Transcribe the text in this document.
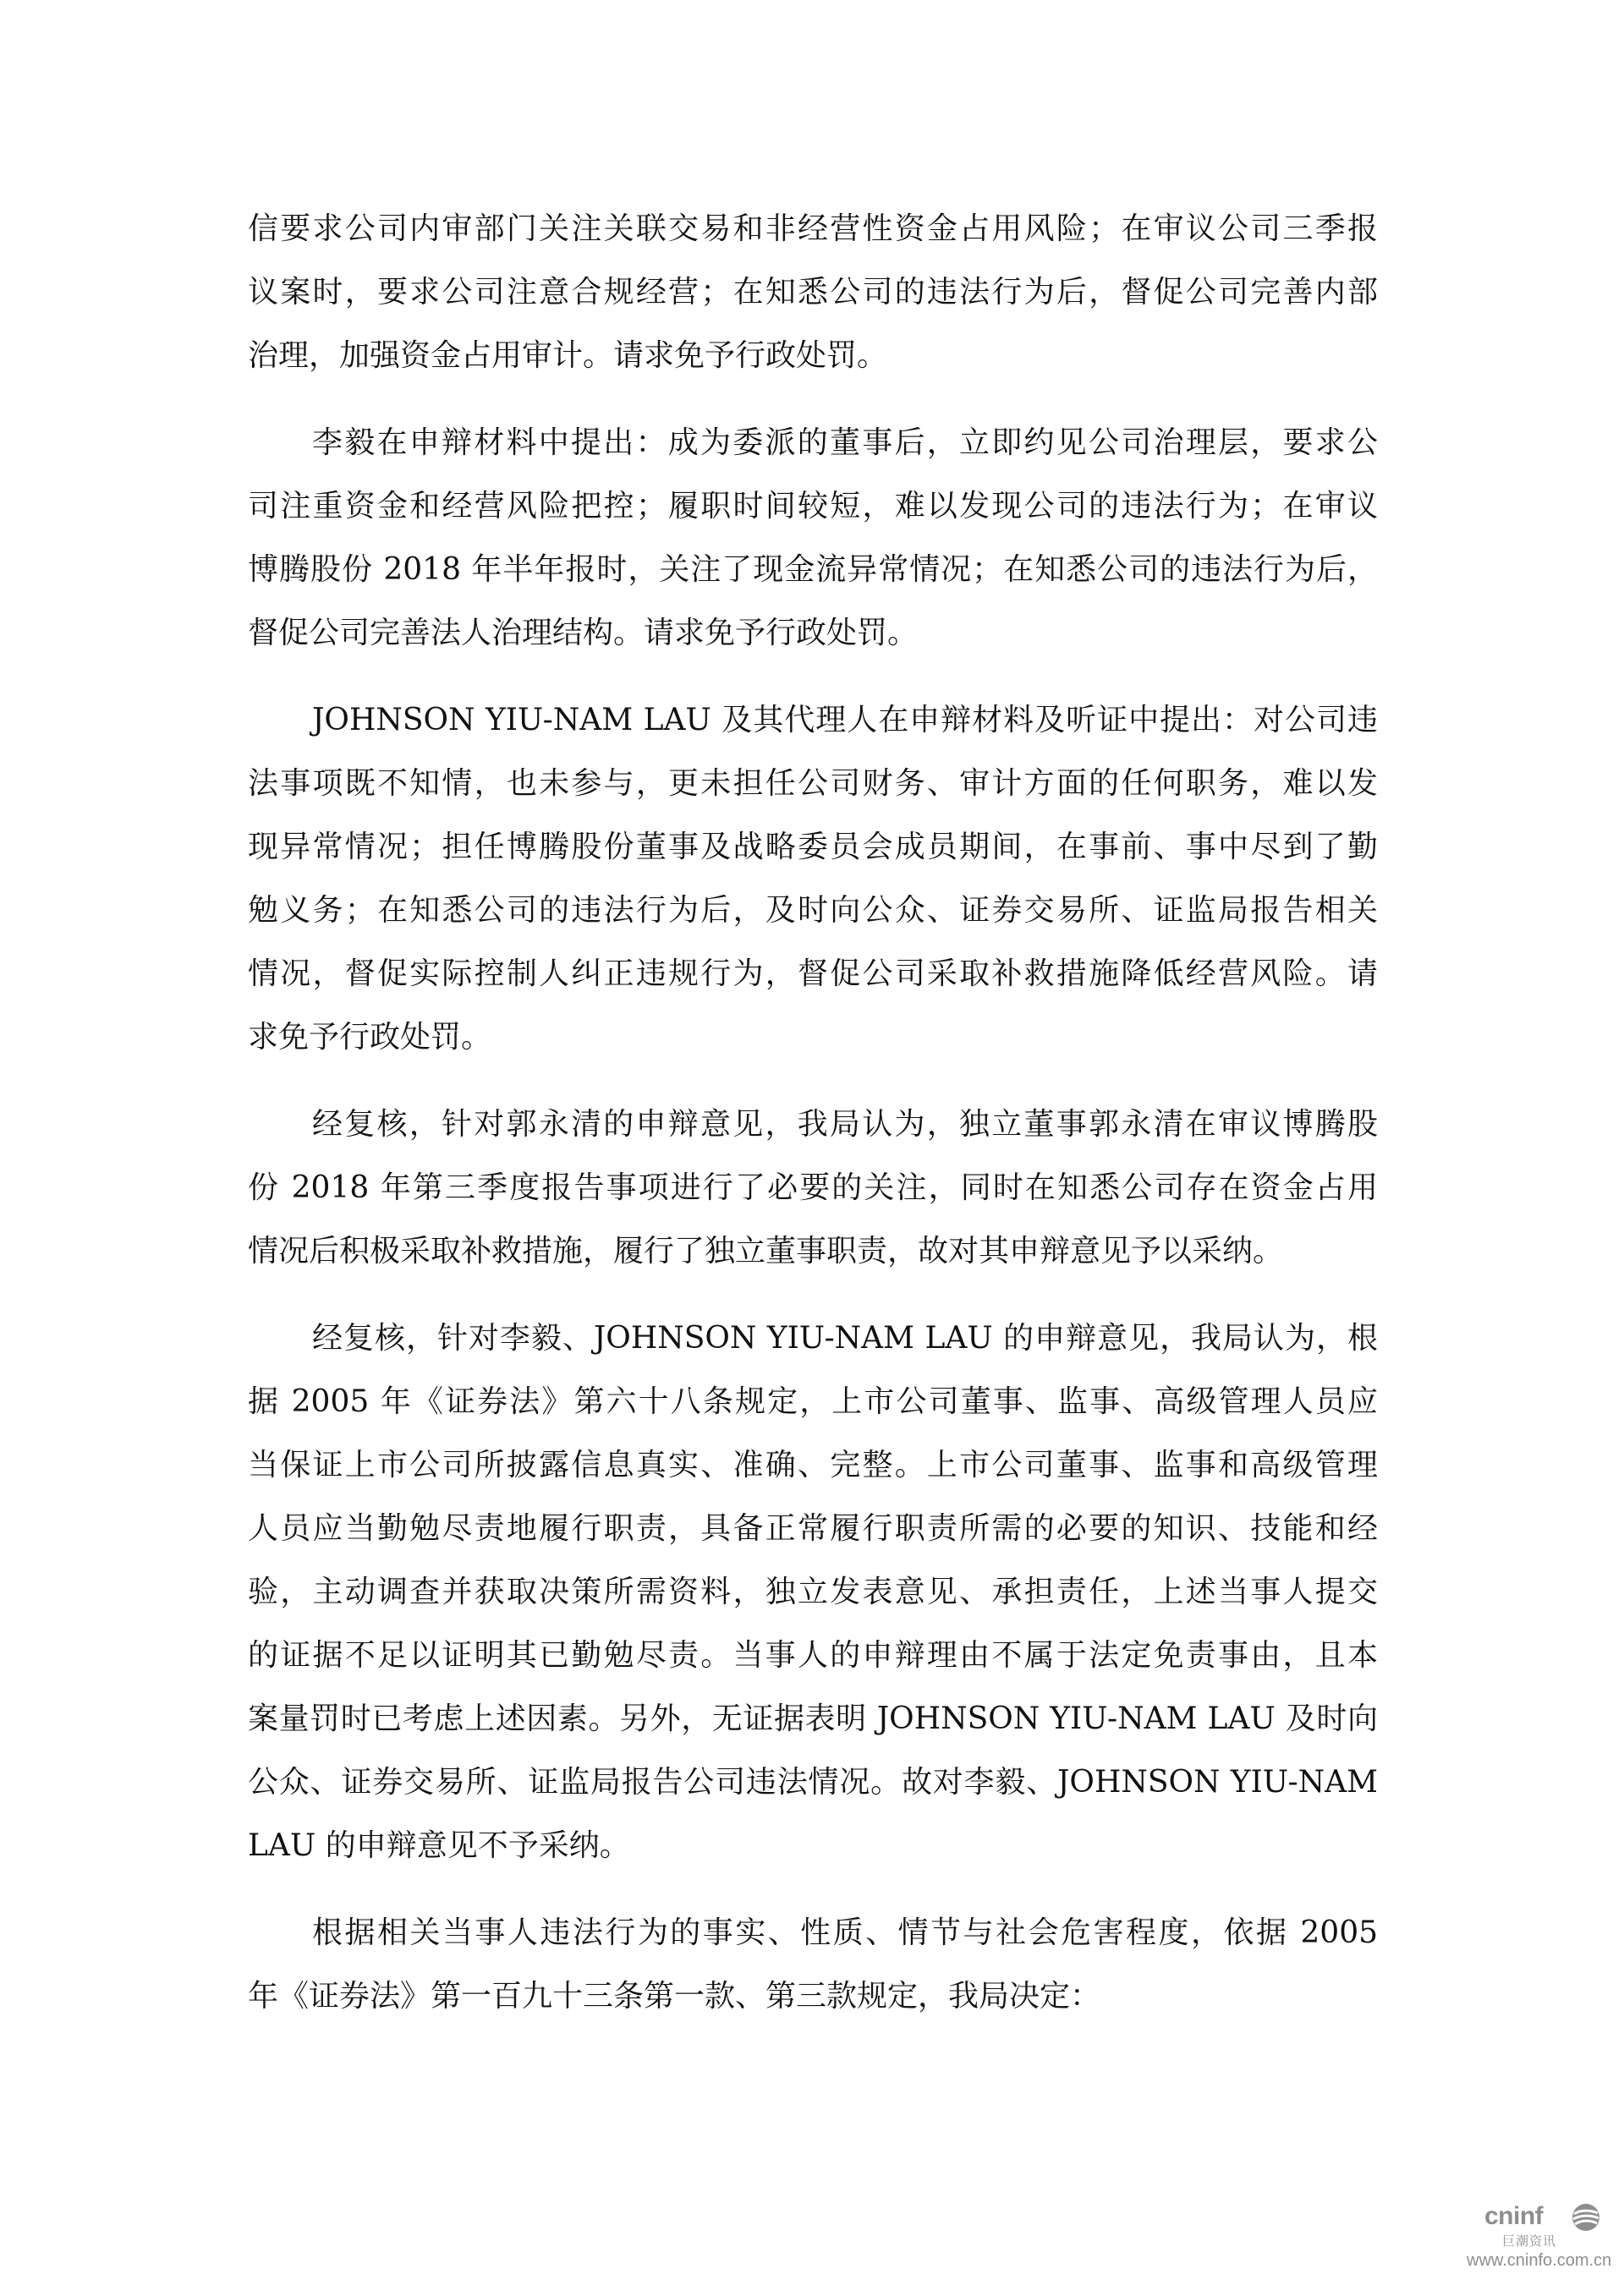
信要求公司内审部门关注关联交易和非经营性资金占用风险；在审议公司三季报
议案时，要求公司注意合规经营；在知悉公司的违法行为后，督促公司完善内部
治理，加强资金占用审计。请求免予行政处罚。
李毅在申辩材料中提出：成为委派的董事后，立即约见公司治理层，要求公
司注重资金和经营风险把控；履职时间较短，难以发现公司的违法行为；在审议
博腾股份 2018 年半年报时，关注了现金流异常情况；在知悉公司的违法行为后，
督促公司完善法人治理结构。请求免予行政处罚。
JOHNSON YIU-NAM LAU 及其代理人在申辩材料及听证中提出：对公司违
法事项既不知情，也未参与，更未担任公司财务、审计方面的任何职务，难以发
现异常情况；担任博腾股份董事及战略委员会成员期间，在事前、事中尽到了勤
勉义务；在知悉公司的违法行为后，及时向公众、证券交易所、证监局报告相关
情况，督促实际控制人纠正违规行为，督促公司采取补救措施降低经营风险。请
求免予行政处罚。
经复核，针对郭永清的申辩意见，我局认为，独立董事郭永清在审议博腾股
份 2018 年第三季度报告事项进行了必要的关注，同时在知悉公司存在资金占用
情况后积极采取补救措施，履行了独立董事职责，故对其申辩意见予以采纳。
经复核，针对李毅、JOHNSON YIU-NAM LAU 的申辩意见，我局认为，根
据 2005 年《证券法》第六十八条规定，上市公司董事、监事、高级管理人员应
当保证上市公司所披露信息真实、准确、完整。上市公司董事、监事和高级管理
人员应当勤勉尽责地履行职责，具备正常履行职责所需的必要的知识、技能和经
验，主动调查并获取决策所需资料，独立发表意见、承担责任，上述当事人提交
的证据不足以证明其已勤勉尽责。当事人的申辩理由不属于法定免责事由，且本
案量罚时已考虑上述因素。另外，无证据表明 JOHNSON YIU-NAM LAU 及时向
公众、证券交易所、证监局报告公司违法情况。故对李毅、JOHNSON YIU-NAM
LAU 的申辩意见不予采纳。
根据相关当事人违法行为的事实、性质、情节与社会危害程度，依据 2005
年《证券法》第一百九十三条第一款、第三款规定，我局决定：
cninf
巨潮资讯
www.cninfo.com.cn
